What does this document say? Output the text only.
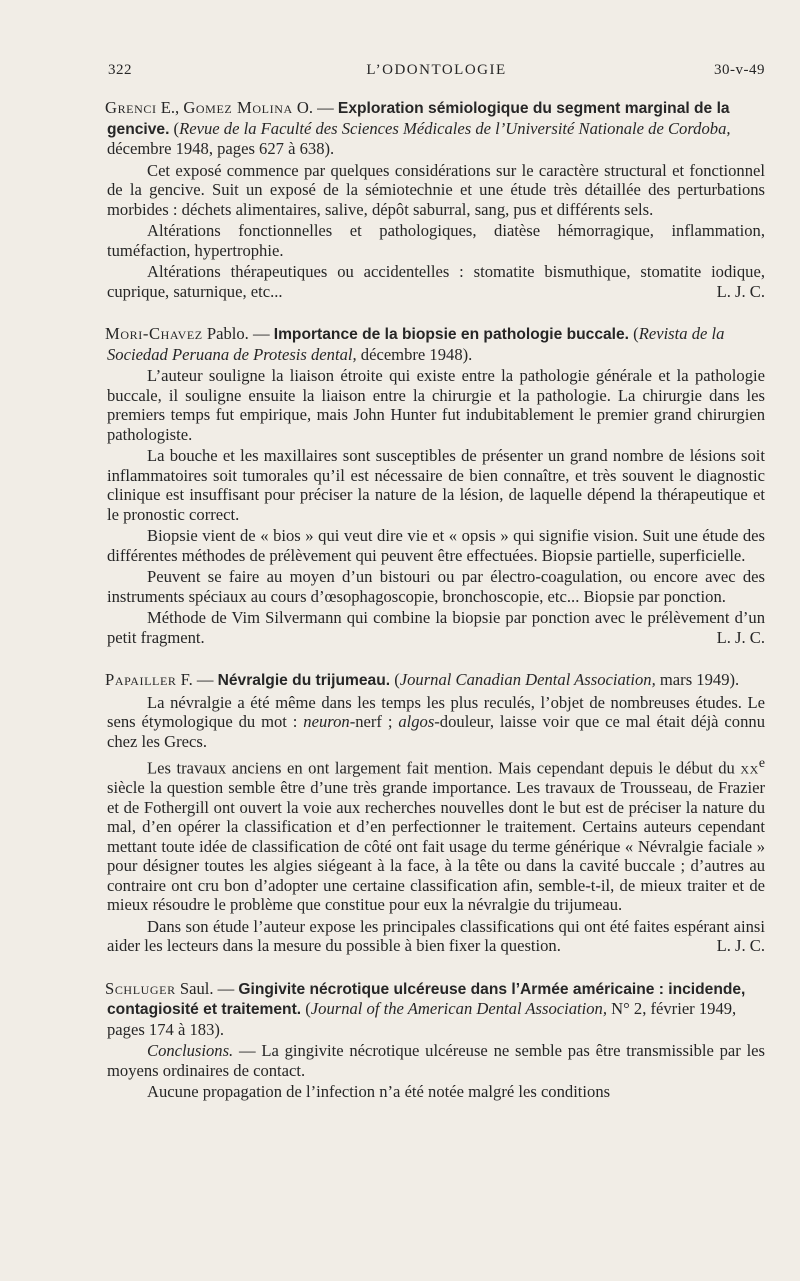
322	L’ODONTOLOGIE	30-v-49
Grenci E., Gomez Molina O. — Exploration sémiologique du segment marginal de la gencive. (Revue de la Faculté des Sciences Médicales de l’Université Nationale de Cordoba, décembre 1948, pages 627 à 638).

Cet exposé commence par quelques considérations sur le caractère structural et fonctionnel de la gencive. Suit un exposé de la sémiotechnie et une étude très détaillée des perturbations morbides : déchets alimentaires, salive, dépôt saburral, sang, pus et différents sels.

Altérations fonctionnelles et pathologiques, diatèse hémorragique, inflammation, tuméfaction, hypertrophie.

Altérations thérapeutiques ou accidentelles : stomatite bismuthique, stomatite iodique, cuprique, saturnique, etc...	L. J. C.

Mori-Chavez Pablo. — Importance de la biopsie en pathologie buccale. (Revista de la Sociedad Peruana de Protesis dental, décembre 1948).

L’auteur souligne la liaison étroite qui existe entre la pathologie générale et la pathologie buccale, il souligne ensuite la liaison entre la chirurgie et la pathologie. La chirurgie dans les premiers temps fut empirique, mais John Hunter fut indubitablement le premier grand chirurgien pathologiste.

La bouche et les maxillaires sont susceptibles de présenter un grand nombre de lésions soit inflammatoires soit tumorales qu’il est nécessaire de bien connaître, et très souvent le diagnostic clinique est insuffisant pour préciser la nature de la lésion, de laquelle dépend la thérapeutique et le pronostic correct.

Biopsie vient de « bios » qui veut dire vie et « opsis » qui signifie vision. Suit une étude des différentes méthodes de prélèvement qui peuvent être effectuées. Biopsie partielle, superficielle.

Peuvent se faire au moyen d’un bistouri ou par électro-coagulation, ou encore avec des instruments spéciaux au cours d’œsophagoscopie, bronchoscopie, etc... Biopsie par ponction.

Méthode de Vim Silvermann qui combine la biopsie par ponction avec le prélèvement d’un petit fragment.	L. J. C.

Papailler F. — Névralgie du trijumeau. (Journal Canadian Dental Association, mars 1949).

La névralgie a été même dans les temps les plus reculés, l’objet de nombreuses études. Le sens étymologique du mot : neuron-nerf ; algos-douleur, laisse voir que ce mal était déjà connu chez les Grecs.

Les travaux anciens en ont largement fait mention. Mais cependant depuis le début du $xx^e$ siècle la question semble être d’une très grande importance. Les travaux de Trousseau, de Frazier et de Fothergill ont ouvert la voie aux recherches nouvelles dont le but est de préciser la nature du mal, d’en opérer la classification et d’en perfectionner le traitement. Certains auteurs cependant mettant toute idée de classification de côté ont fait usage du terme générique « Névralgie faciale » pour désigner toutes les algies siégeant à la face, à la tête ou dans la cavité buccale ; d’autres au contraire ont cru bon d’adopter une certaine classification afin, semble-t-il, de mieux traiter et de mieux résoudre le problème que constitue pour eux la névralgie du trijumeau.

Dans son étude l’auteur expose les principales classifications qui ont été faites espérant ainsi aider les lecteurs dans la mesure du possible à bien fixer la question.	L. J. C.

Schluger Saul. — Gingivite nécrotique ulcéreuse dans l’Armée américaine : incidende, contagiosité et traitement. (Journal of the American Dental Association, N° 2, février 1949, pages 174 à 183).

Conclusions. — La gingivite nécrotique ulcéreuse ne semble pas être transmissible par les moyens ordinaires de contact.

Aucune propagation de l’infection n’a été notée malgré les conditions
